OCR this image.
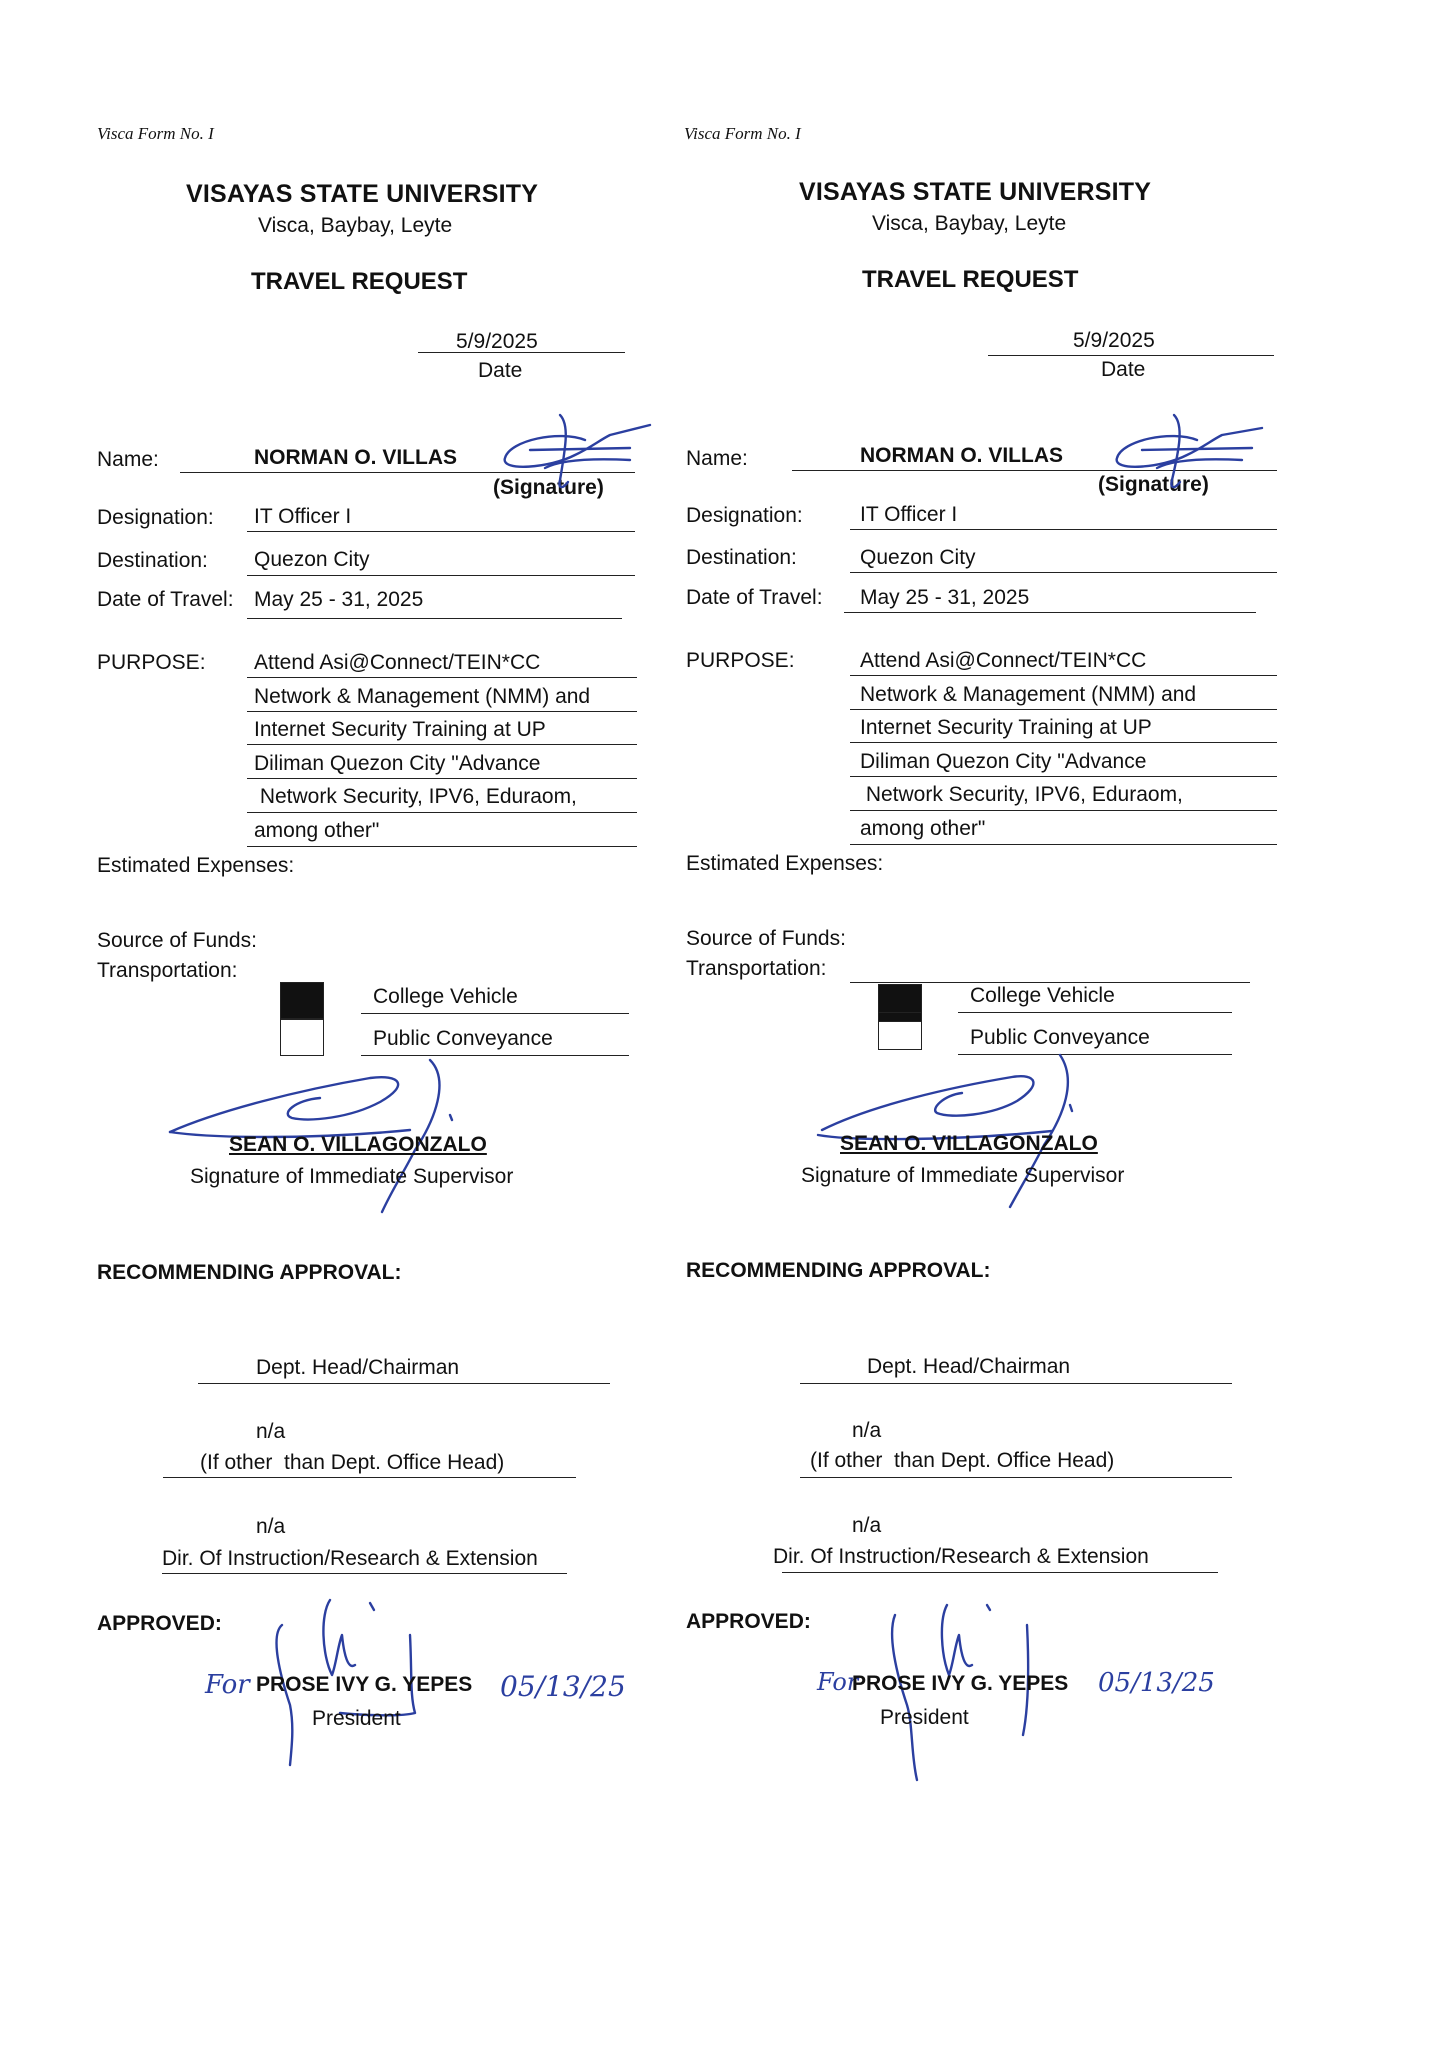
Visca Form No. I
VISAYAS STATE UNIVERSITY
Visca, Baybay, Leyte
TRAVEL REQUEST
5/9/2025
Date
Name:	NORMAN O. VILLAS
(Signature)
Designation: IT Officer I
Destination: Quezon City
Date of Travel: May 25 - 31, 2025
PURPOSE: Attend Asi@Connect/TEIN*CC
Network & Management (NMM) and
Internet Security Training at UP
Diliman Quezon City "Advance
Network Security, IPV6, Eduraom,
among other"
Estimated Expenses:
Source of Funds:
Transportation:
College Vehicle
Public Conveyance
SEAN O. VILLAGONZALO
Signature of Immediate Supervisor
RECOMMENDING APPROVAL:
Dept. Head/Chairman
n/a
(If other  than Dept. Office Head)
n/a
Dir. Of Instruction/Research & Extension
APPROVED:
For PROSE IVY G. YEPES 05/13/25
President
Visca Form No. I
VISAYAS STATE UNIVERSITY
Visca, Baybay, Leyte
TRAVEL REQUEST
5/9/2025
Date
Name:	NORMAN O. VILLAS
(Signature)
Designation:	IT Officer I
Destination:	Quezon City
Date of Travel: May 25 - 31, 2025
PURPOSE:	Attend Asi@Connect/TEIN*CC
Network & Management (NMM) and
Internet Security Training at UP
Diliman Quezon City "Advance
Network Security, IPV6, Eduraom,
among other"
Estimated Expenses:
Source of Funds:
Transportation:
College Vehicle
Public Conveyance
SEAN O. VILLAGONZALO
Signature of Immediate Supervisor
RECOMMENDING APPROVAL:
Dept. Head/Chairman
n/a
(If other  than Dept. Office Head)
n/a
Dir. Of Instruction/Research & Extension
APPROVED:
For
PROSE IVY G. YEPES 05/13/25
President
